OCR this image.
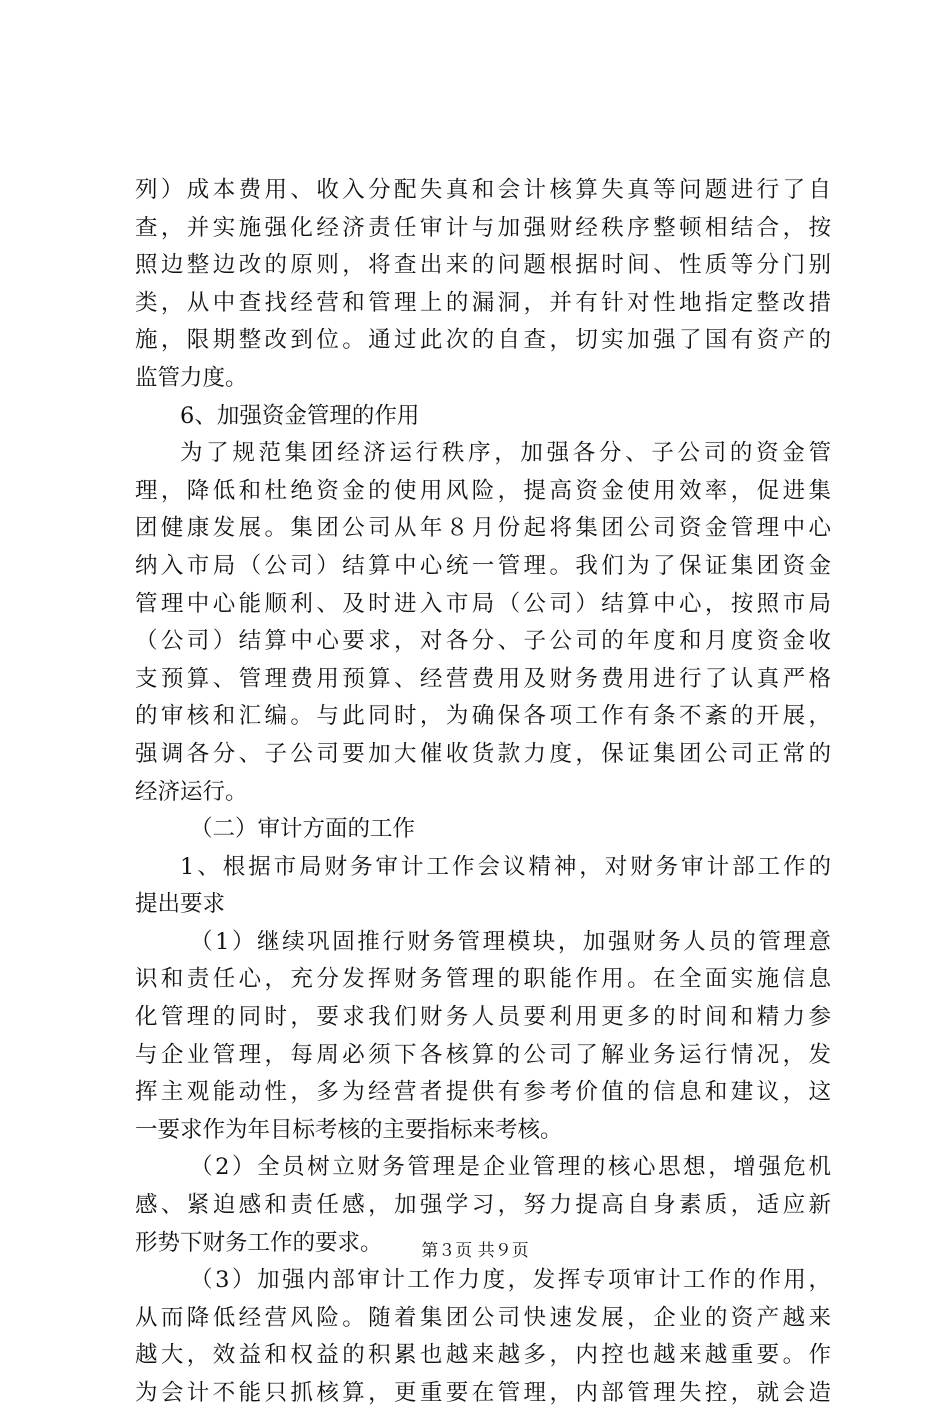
列）成本费用、收入分配失真和会计核算失真等问题进行了自
查，并实施强化经济责任审计与加强财经秩序整顿相结合，按
照边整边改的原则，将查出来的问题根据时间、性质等分门别
类，从中查找经营和管理上的漏洞，并有针对性地指定整改措
施，限期整改到位。通过此次的自查，切实加强了国有资产的
监管力度。
6、加强资金管理的作用
为了规范集团经济运行秩序，加强各分、子公司的资金管
理，降低和杜绝资金的使用风险，提高资金使用效率，促进集
团健康发展。集团公司从年８月份起将集团公司资金管理中心
纳入市局（公司）结算中心统一管理。我们为了保证集团资金
管理中心能顺利、及时进入市局（公司）结算中心，按照市局
（公司）结算中心要求，对各分、子公司的年度和月度资金收
支预算、管理费用预算、经营费用及财务费用进行了认真严格
的审核和汇编。与此同时，为确保各项工作有条不紊的开展，
强调各分、子公司要加大催收货款力度，保证集团公司正常的
经济运行。
（二）审计方面的工作
1、根据市局财务审计工作会议精神，对财务审计部工作的
提出要求
（1）继续巩固推行财务管理模块，加强财务人员的管理意
识和责任心，充分发挥财务管理的职能作用。在全面实施信息
化管理的同时，要求我们财务人员要利用更多的时间和精力参
与企业管理，每周必须下各核算的公司了解业务运行情况，发
挥主观能动性，多为经营者提供有参考价值的信息和建议，这
一要求作为年目标考核的主要指标来考核。
（2）全员树立财务管理是企业管理的核心思想，增强危机
感、紧迫感和责任感，加强学习，努力提高自身素质，适应新
形势下财务工作的要求。
（3）加强内部审计工作力度，发挥专项审计工作的作用，
从而降低经营风险。随着集团公司快速发展，企业的资产越来
越大，效益和权益的积累也越来越多，内控也越来越重要。作
为会计不能只抓核算，更重要在管理，内部管理失控，就会造
第３页 共９页
